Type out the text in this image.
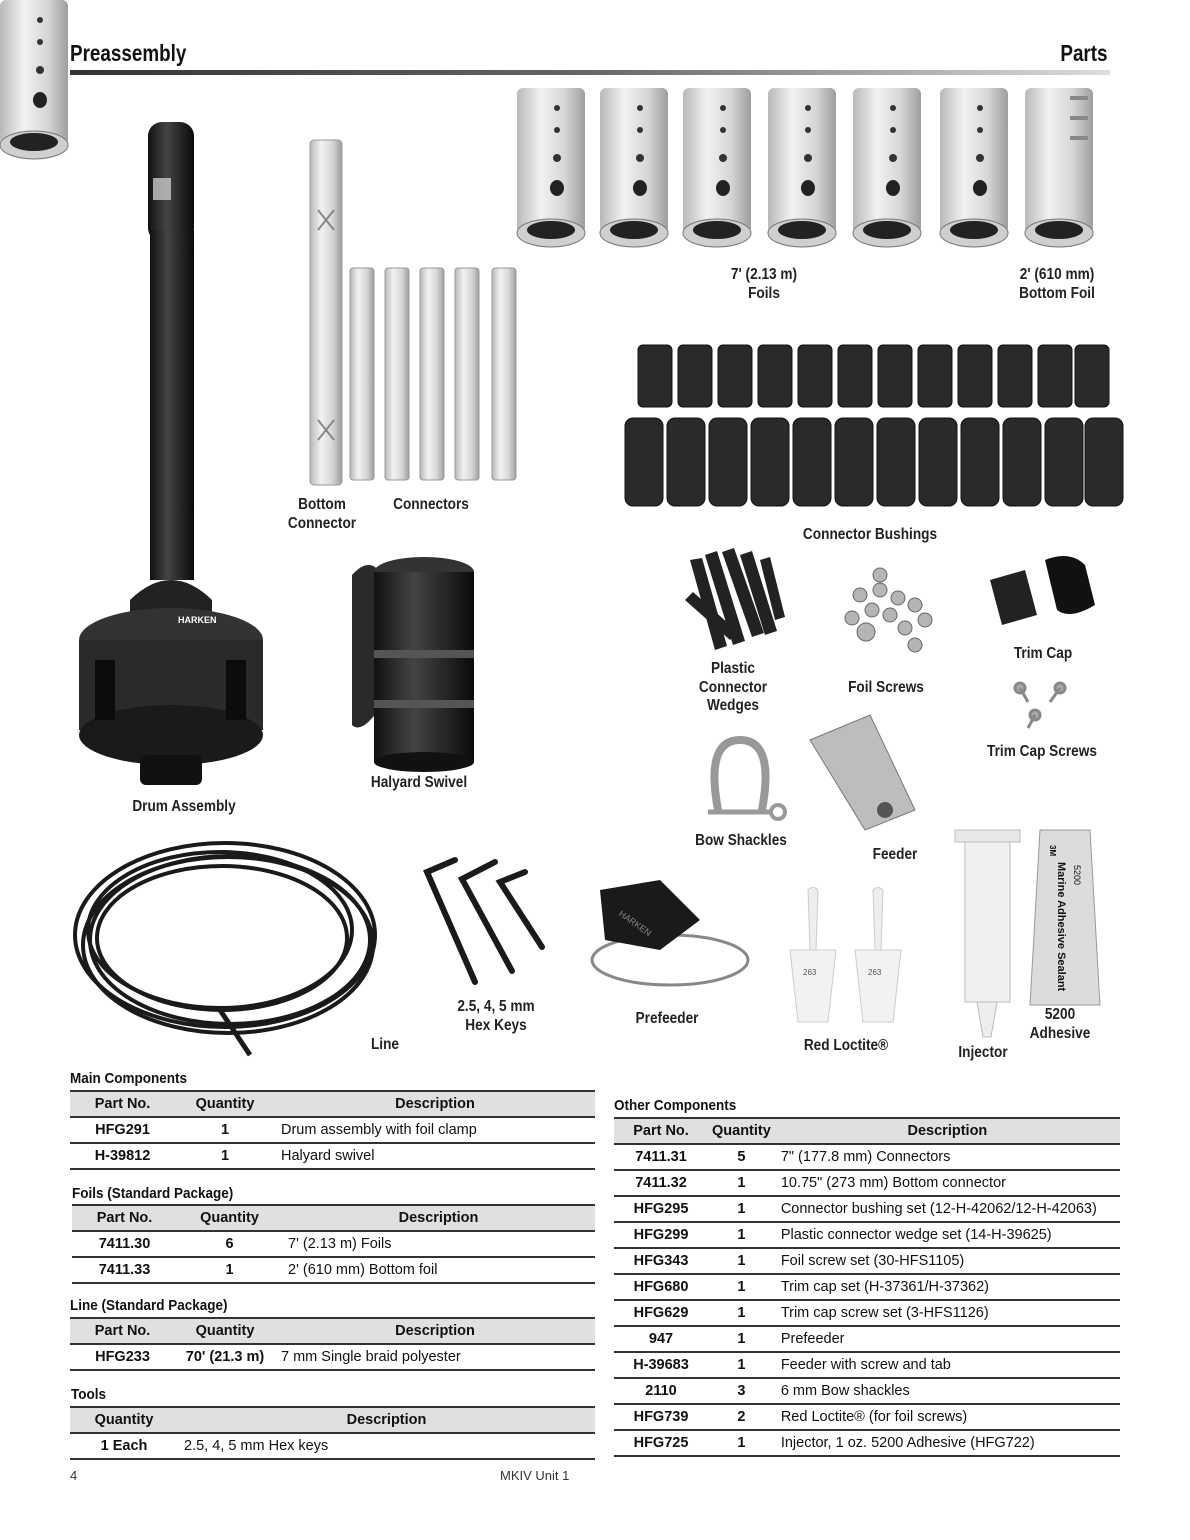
Preassembly	Parts
HARKEN
HARKEN
263	263
3M
Marine Adhesive Sealant 5200
7' (2.13 m)
Foils
2' (610 mm)
Bottom Foil
Bottom
Connector
Connectors
Connector Bushings
Plastic
Connector
Wedges
Foil Screws
Trim Cap
Trim Cap Screws
Halyard Swivel
Drum Assembly
Bow Shackles
Feeder
2.5, 4, 5 mm
Hex Keys	Prefeeder
Line	Red Loctite®	Injector
5200
Adhesive
Main Components
Part No.	Quantity	Description
HFG291	1	Drum assembly with foil clamp
H-39812	1	Halyard swivel
Foils (Standard Package)
Part No.	Quantity	Description
7411.30	6	7' (2.13 m) Foils
7411.33	1	2' (610 mm) Bottom foil
Line (Standard Package)
Part No.	Quantity	Description
HFG233	70' (21.3 m)	7 mm Single braid polyester
Tools
Quantity	Description
1 Each	2.5, 4, 5 mm Hex keys
Other Components
Part No.	Quantity	Description
7411.31	5	7" (177.8 mm) Connectors
7411.32	1	10.75" (273 mm) Bottom connector
HFG295	1	Connector bushing set (12-H-42062/12-H-42063)
HFG299	1	Plastic connector wedge set (14-H-39625)
HFG343	1	Foil screw set (30-HFS1105)
HFG680	1	Trim cap set (H-37361/H-37362)
HFG629	1	Trim cap screw set (3-HFS1126)
947	1	Prefeeder
H-39683	1	Feeder with screw and tab
2110	3	6 mm Bow shackles
HFG739	2	Red Loctite® (for foil screws)
HFG725	1	Injector, 1 oz. 5200 Adhesive (HFG722)
4	MKIV Unit 1
